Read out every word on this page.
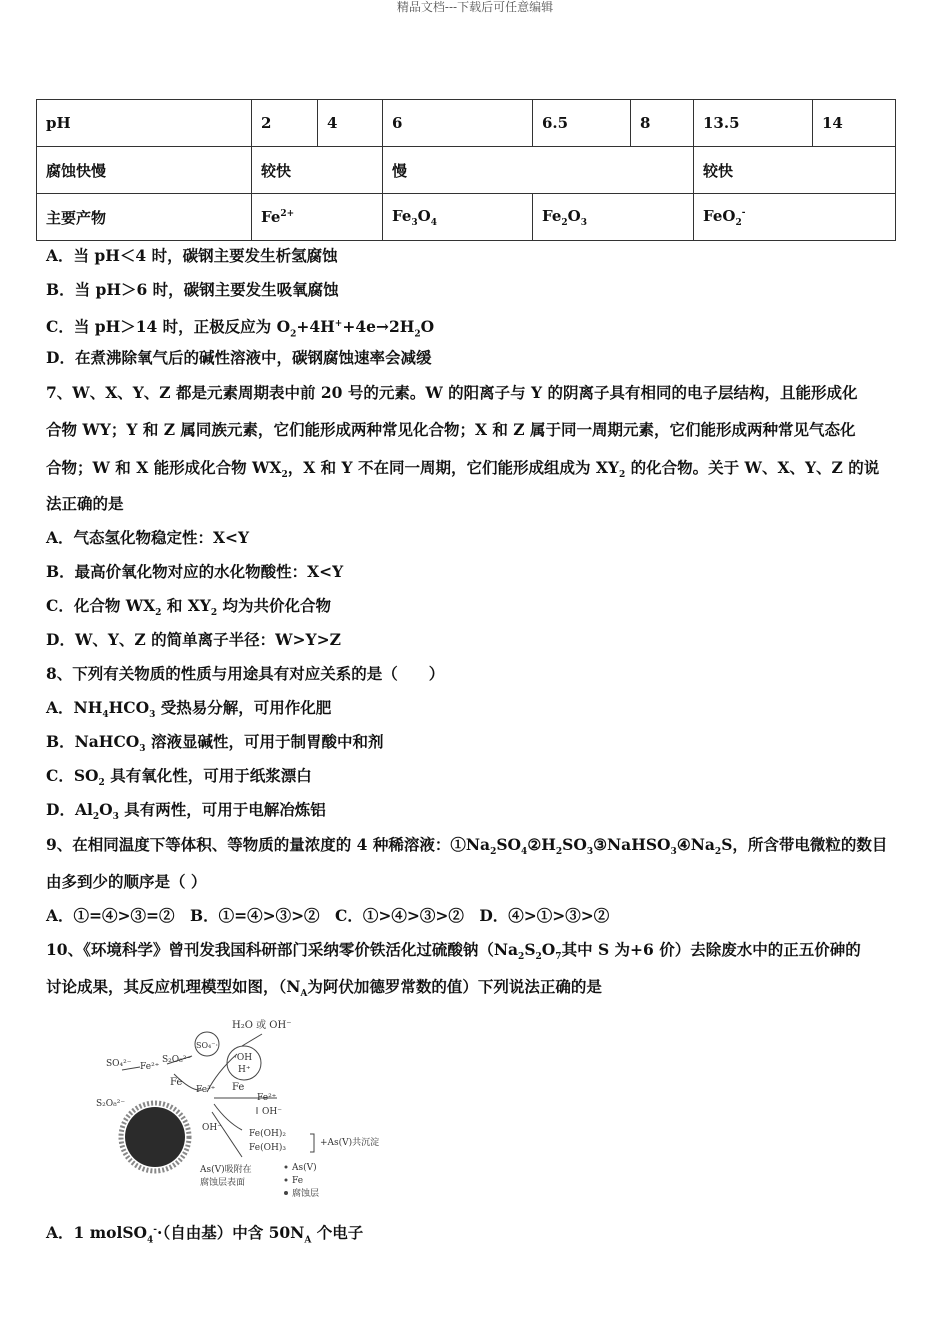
精品文档---下载后可任意编辑
pH	2	4	6	6.5	8	13.5	14
腐蚀快慢	较快		慢			较快	
主要产物	$Fe^{2+}$		$Fe_3O_4$	$Fe_2O_3$		FeO$_2$-
A．当 pH＜4 时，碳钢主要发生析氢腐蚀
B．当 pH＞6 时，碳钢主要发生吸氧腐蚀
C．当 pH＞14 时，正极反应为 $O_2+4H^++4e\to 2H_2O$
D．在煮沸除氧气后的碱性溶液中，碳钢腐蚀速率会减缓
7、W、X、Y、Z 都是元素周期表中前 20 号的元素。W 的阳离子与 Y 的阴离子具有相同的电子层结构，且能形成化
合物 WY；Y 和 Z 属同族元素，它们能形成两种常见化合物；X 和 Z 属于同一周期元素，它们能形成两种常见气态化
合物；W 和 X 能形成化合物 $WX_2$，X 和 Y 不在同一周期，它们能形成组成为 $XY_2$ 的化合物。关于 W、X、Y、Z 的说
法正确的是
A．气态氢化物稳定性：X<Y
B．最高价氧化物对应的水化物酸性：X<Y
C．化合物 $WX_2$ 和 $XY_2$ 均为共价化合物
D．W、Y、Z 的简单离子半径：W>Y>Z
8、下列有关物质的性质与用途具有对应关系的是（　　）
A．$NH_4HCO_3$ 受热易分解，可用作化肥
B．NaHCO$_3$ 溶液显碱性，可用于制胃酸中和剂
C．$SO_2$ 具有氧化性，可用于纸浆漂白
D．$Al_2O_3$ 具有两性，可用于电解冶炼铝
9、在相同温度下等体积、等物质的量浓度的 4 种稀溶液：$①Na_2SO_4②H_2SO_3③NaHSO_3④Na_2S$，所含带电微粒的数目
由多到少的顺序是（ ）
A．①=④>③=②　B．①=④>③>②　C．①>④>③>②　D．④>①>③>②
10、《环境科学》曾刊发我国科研部门采纳零价铁活化过硫酸钠（$Na_2S_2O_7$其中 S 为+6 价）去除废水中的正五价砷的
讨论成果，其反应机理模型如图，（$N_A$为阿伏加德罗常数的值）下列说法正确的是
H₂O 或 OH⁻
SO₄⁻·
·OH
H⁺
SO₄²⁻ Fe²⁺
S₂O₈²⁻
Fe
Fe³⁺ Fe
Fe²⁺
OH⁻
S₂O₈²⁻
OH⁻
Fe(OH)₂
Fe(OH)₃	+As(V)共沉淀
As(V)吸附在
腐蚀层表面
As(V)
Fe
腐蚀层
A．1 molSO$_4$-·（自由基）中含 $50N_A$ 个电子
